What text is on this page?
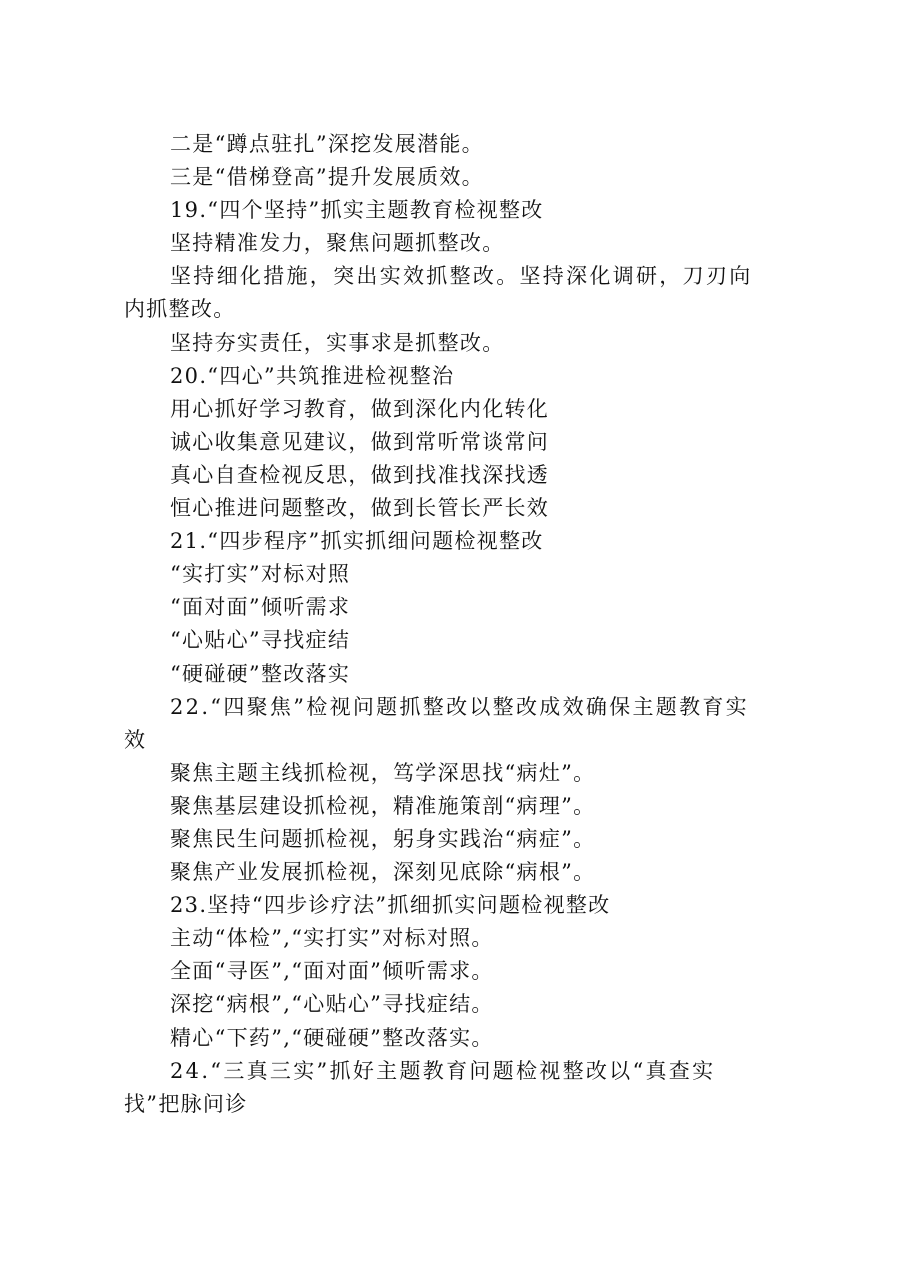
二是“蹲点驻扎”深挖发展潜能。
三是“借梯登高”提升发展质效。
19.“四个坚持”抓实主题教育检视整改
坚持精准发力，聚焦问题抓整改。
坚持细化措施，突出实效抓整改。坚持深化调研，刀刃向
内抓整改。
坚持夯实责任，实事求是抓整改。
20.“四心”共筑推进检视整治
用心抓好学习教育，做到深化内化转化
诚心收集意见建议，做到常听常谈常问
真心自查检视反思，做到找准找深找透
恒心推进问题整改，做到长管长严长效
21.“四步程序”抓实抓细问题检视整改
“实打实”对标对照
“面对面”倾听需求
“心贴心”寻找症结
“硬碰硬”整改落实
22.“四聚焦”检视问题抓整改以整改成效确保主题教育实
效
聚焦主题主线抓检视，笃学深思找“病灶”。
聚焦基层建设抓检视，精准施策剖“病理”。
聚焦民生问题抓检视，躬身实践治“病症”。
聚焦产业发展抓检视，深刻见底除“病根”。
23.坚持“四步诊疗法”抓细抓实问题检视整改
主动“体检”,“实打实”对标对照。
全面“寻医”,“面对面”倾听需求。
深挖“病根”,“心贴心”寻找症结。
精心“下药”,“硬碰硬”整改落实。
24.“三真三实”抓好主题教育问题检视整改以“真查实
找”把脉问诊
